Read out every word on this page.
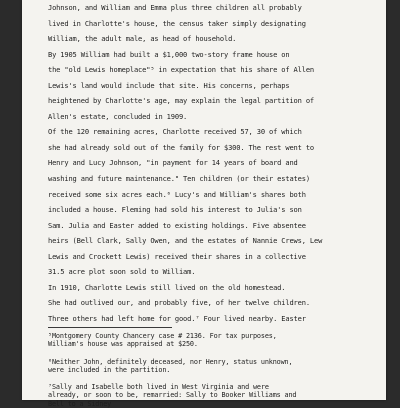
Johnson, and William and Emma plus three children all probably
lived in Charlotte's house, the census taker simply designating
William, the adult male, as head of household.
By 1905 William had built a $1,000 two-story frame house on
the "old Lewis homeplace"⁵ in expectation that his share of Allen
Lewis's land would include that site. His concerns, perhaps
heightened by Charlotte's age, may explain the legal partition of
Allen's estate, concluded in 1909.
Of the 120 remaining acres, Charlotte received 57, 30 of which
she had already sold out of the family for $300. The rest went to
Henry and Lucy Johnson, "in payment for 14 years of board and
washing and future maintenance." Ten children (or their estates)
received some six acres each.⁶ Lucy's and William's shares both
included a house. Fleming had sold his interest to Julia's son
Sam. Julia and Easter added to existing holdings. Five absentee
heirs (Bell Clark, Sally Owen, and the estates of Nannie Crews, Lew
Lewis and Crockett Lewis) received their shares in a collective
31.5 acre plot soon sold to William.
In 1910, Charlotte Lewis still lived on the old homestead.
She had outlived our, and probably five, of her twelve children.
Three others had left home for good.⁷ Four lived nearby. Easter
⁵Montgomery County Chancery case # 2136. For tax purposes,
William's house was appraised at $250.
⁶Neither John, definitely deceased, nor Henry, status unknown,
were included in the partition.
⁷Sally and Isabelle both lived in West Virginia and were
already, or soon to be, remarried: Sally to Booker Williams and
Bell to a Sidney
